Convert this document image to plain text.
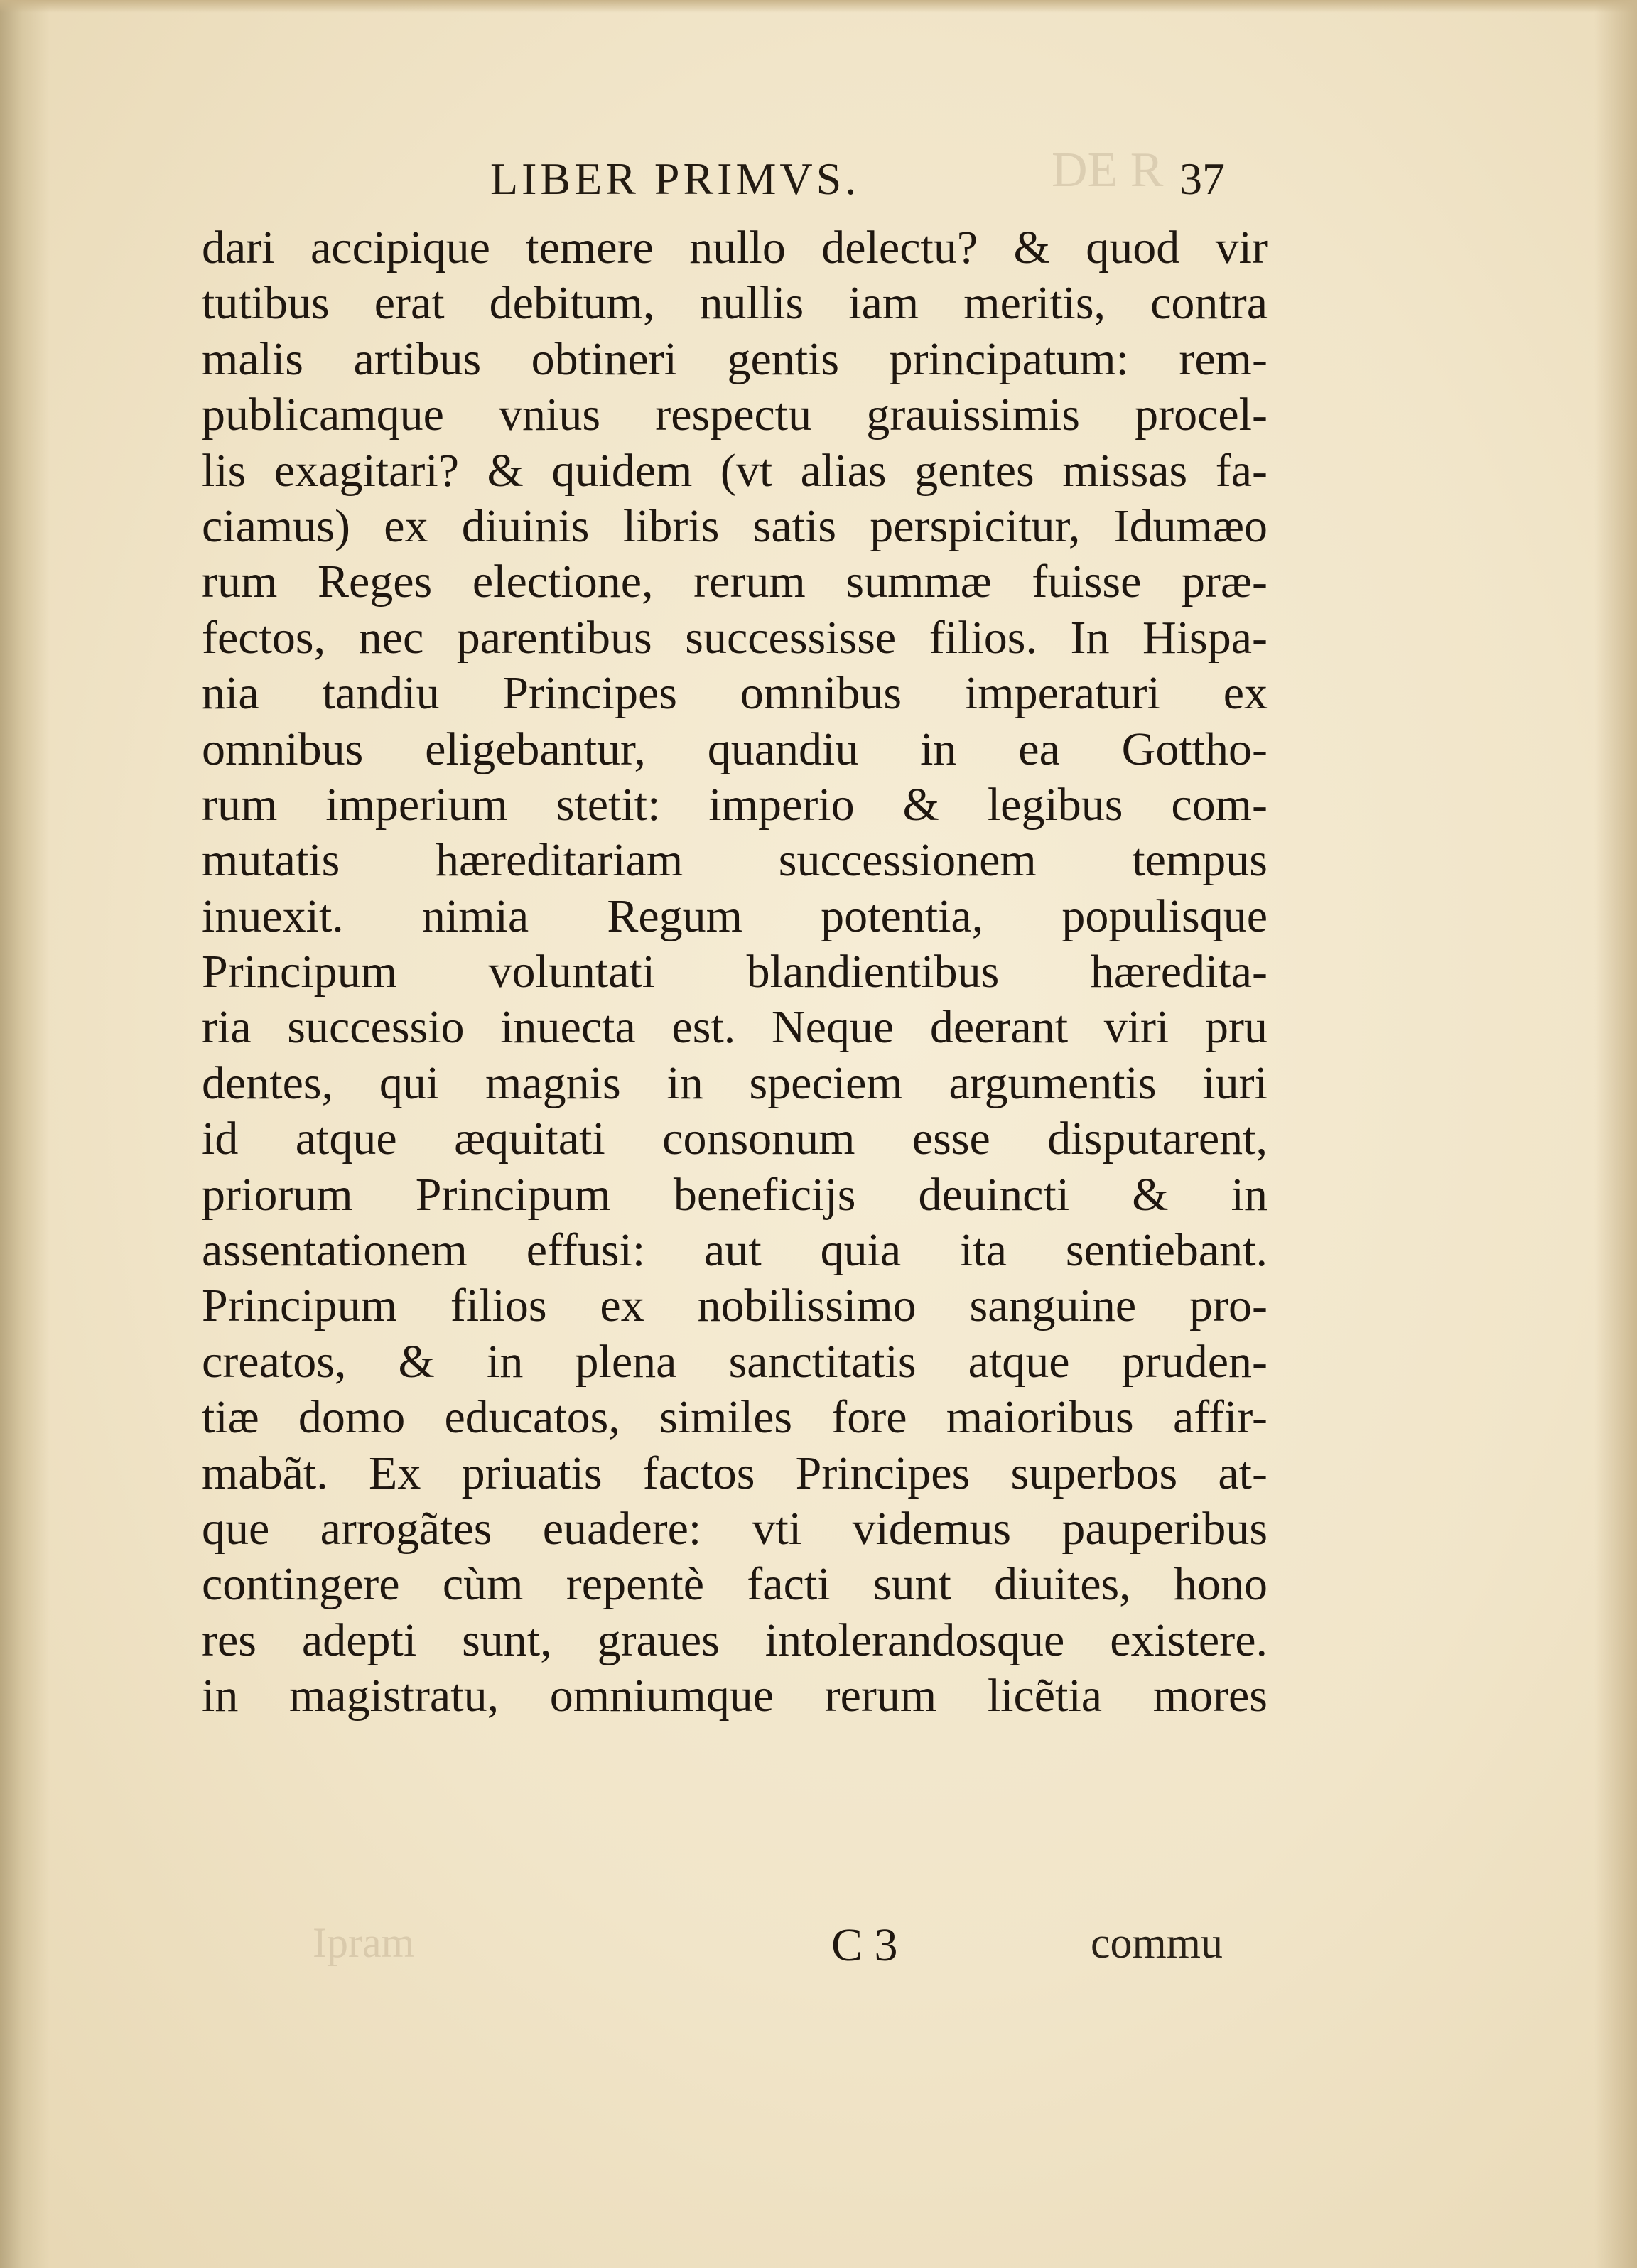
DE R
Ipram
LIBER PRIMVS.	37
dari accipique temere nullo delectu? & quod vir
tutibus erat debitum, nullis iam meritis, contra
malis artibus obtineri gentis principatum: rem-
publicamque vnius respectu grauissimis procel-
lis exagitari? & quidem (vt alias gentes missas fa-
ciamus) ex diuinis libris satis perspicitur, Idumæo
rum Reges electione, rerum summæ fuisse præ-
fectos, nec parentibus successisse filios. In Hispa-
nia tandiu Principes omnibus imperaturi ex
omnibus eligebantur, quandiu in ea Gottho-
rum imperium stetit: imperio & legibus com-
mutatis hæreditariam successionem tempus
inuexit. nimia Regum potentia, populisque
Principum voluntati blandientibus hæredita-
ria successio inuecta est. Neque deerant viri pru
dentes, qui magnis in speciem argumentis iuri
id atque æquitati consonum esse disputarent,
priorum Principum beneficijs deuincti & in
assentationem effusi: aut quia ita sentiebant.
Principum filios ex nobilissimo sanguine pro-
creatos, & in plena sanctitatis atque pruden-
tiæ domo educatos, similes fore maioribus affir-
mabãt. Ex priuatis factos Principes superbos at-
que arrogãtes euadere: vti videmus pauperibus
contingere cùm repentè facti sunt diuites, hono
res adepti sunt, graues intolerandosque existere.
in magistratu, omniumque rerum licẽtia mores
C 3	commu
